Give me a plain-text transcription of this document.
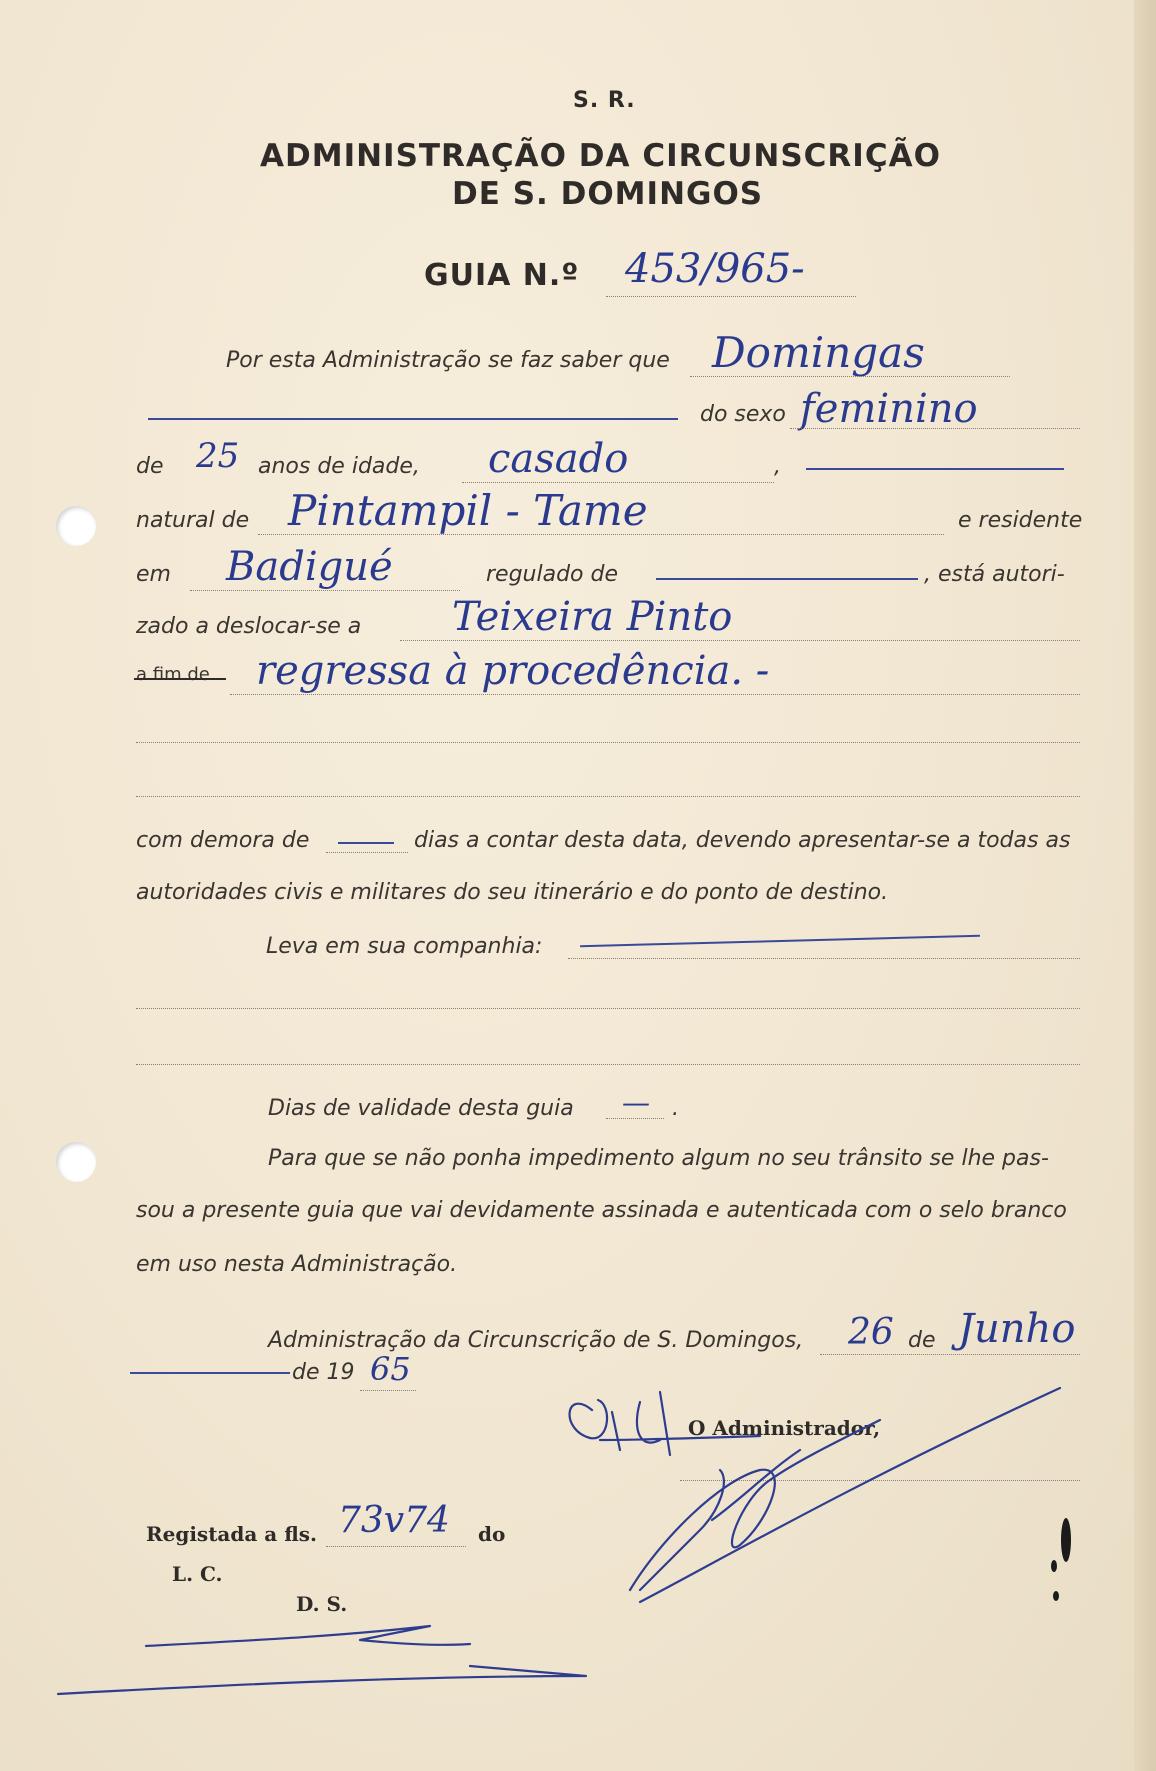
S. R.
ADMINISTRAÇÃO DA CIRCUNSCRIÇÃO
DE S. DOMINGOS
GUIA N.º 453/965-
Por esta Administração se faz saber que Domingas
do sexo feminino
de 25 anos de idade, casado	,
natural de Pintampil - Tame	e residente
em Badigué	regulado de	, está autori-
zado a deslocar-se a Teixeira Pinto
a fim de regressa à procedência. -
com demora de	dias a contar desta data, devendo apresentar-se a todas as
autoridades civis e militares do seu itinerário e do ponto de destino.
Leva em sua companhia:
Dias de validade desta guia — .
Para que se não ponha impedimento algum no seu trânsito se lhe pas-
sou a presente guia que vai devidamente assinada e autenticada com o selo branco
em uso nesta Administração.
Administração da Circunscrição de S. Domingos, 26 de Junho
de 19 65
O Administrador,
Registada a fls. 73v74 do
L. C.
D. S.
